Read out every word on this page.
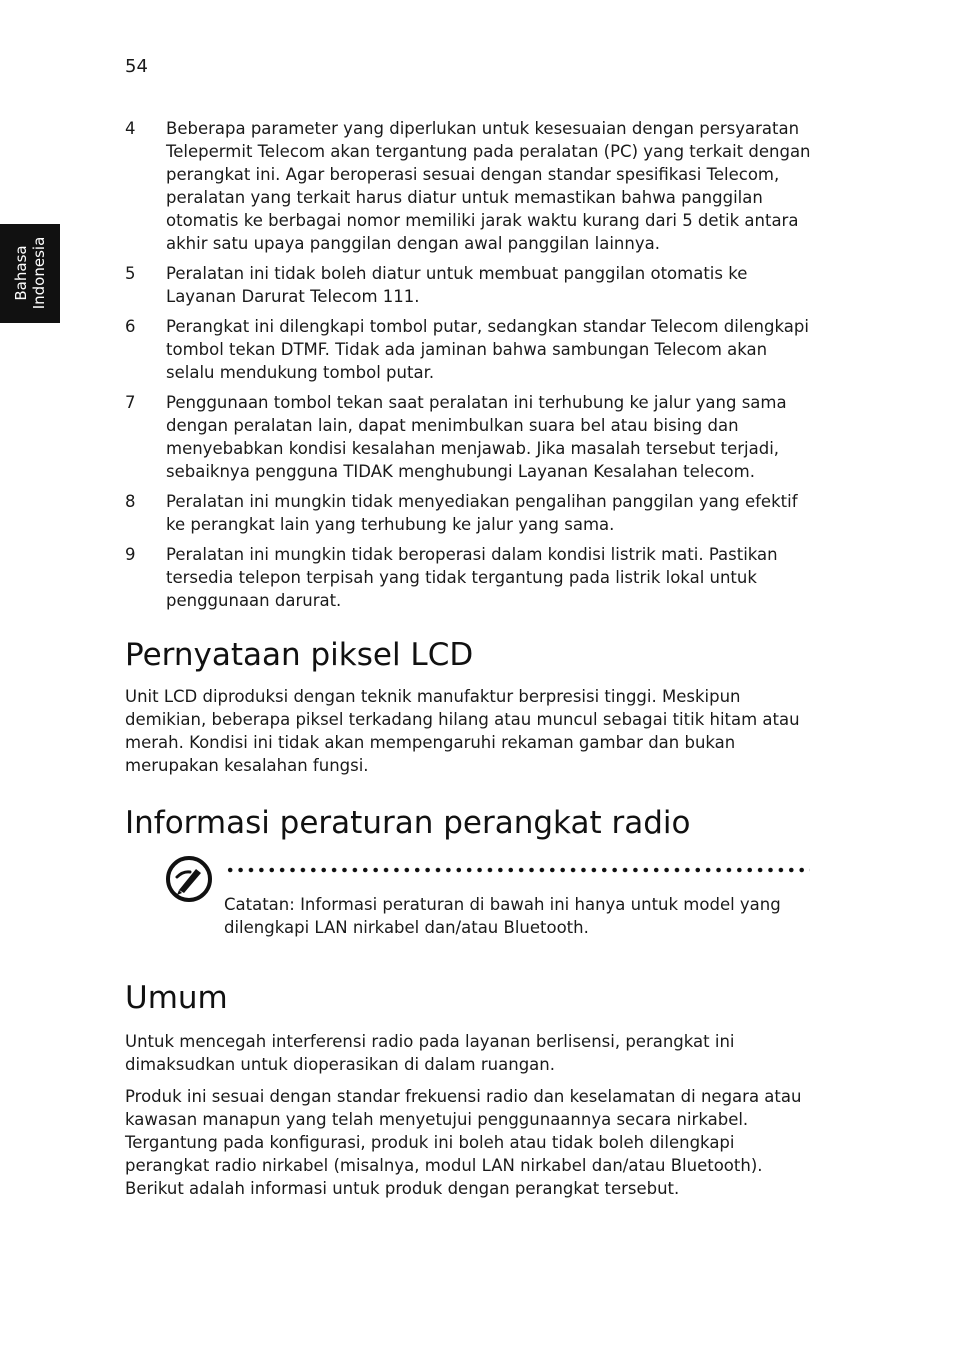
54
Bahasa Indonesia
4	Beberapa parameter yang diperlukan untuk kesesuaian dengan persyaratan Telepermit Telecom akan tergantung pada peralatan (PC) yang terkait dengan perangkat ini. Agar beroperasi sesuai dengan standar spesifikasi Telecom, peralatan yang terkait harus diatur untuk memastikan bahwa panggilan otomatis ke berbagai nomor memiliki jarak waktu kurang dari 5 detik antara akhir satu upaya panggilan dengan awal panggilan lainnya.
5	Peralatan ini tidak boleh diatur untuk membuat panggilan otomatis ke Layanan Darurat Telecom 111.
6	Perangkat ini dilengkapi tombol putar, sedangkan standar Telecom dilengkapi tombol tekan DTMF. Tidak ada jaminan bahwa sambungan Telecom akan selalu mendukung tombol putar.
7	Penggunaan tombol tekan saat peralatan ini terhubung ke jalur yang sama dengan peralatan lain, dapat menimbulkan suara bel atau bising dan menyebabkan kondisi kesalahan menjawab. Jika masalah tersebut terjadi, sebaiknya pengguna TIDAK menghubungi Layanan Kesalahan telecom.
8	Peralatan ini mungkin tidak menyediakan pengalihan panggilan yang efektif ke perangkat lain yang terhubung ke jalur yang sama.
9	Peralatan ini mungkin tidak beroperasi dalam kondisi listrik mati. Pastikan tersedia telepon terpisah yang tidak tergantung pada listrik lokal untuk penggunaan darurat.
Pernyataan piksel LCD

Unit LCD diproduksi dengan teknik manufaktur berpresisi tinggi. Meskipun demikian, beberapa piksel terkadang hilang atau muncul sebagai titik hitam atau merah. Kondisi ini tidak akan mempengaruhi rekaman gambar dan bukan merupakan kesalahan fungsi.

Informasi peraturan perangkat radio
Catatan: Informasi peraturan di bawah ini hanya untuk model yang dilengkapi LAN nirkabel dan/atau Bluetooth.
Umum

Untuk mencegah interferensi radio pada layanan berlisensi, perangkat ini dimaksudkan untuk dioperasikan di dalam ruangan.

Produk ini sesuai dengan standar frekuensi radio dan keselamatan di negara atau kawasan manapun yang telah menyetujui penggunaannya secara nirkabel. Tergantung pada konfigurasi, produk ini boleh atau tidak boleh dilengkapi perangkat radio nirkabel (misalnya, modul LAN nirkabel dan/atau Bluetooth). Berikut adalah informasi untuk produk dengan perangkat tersebut.
